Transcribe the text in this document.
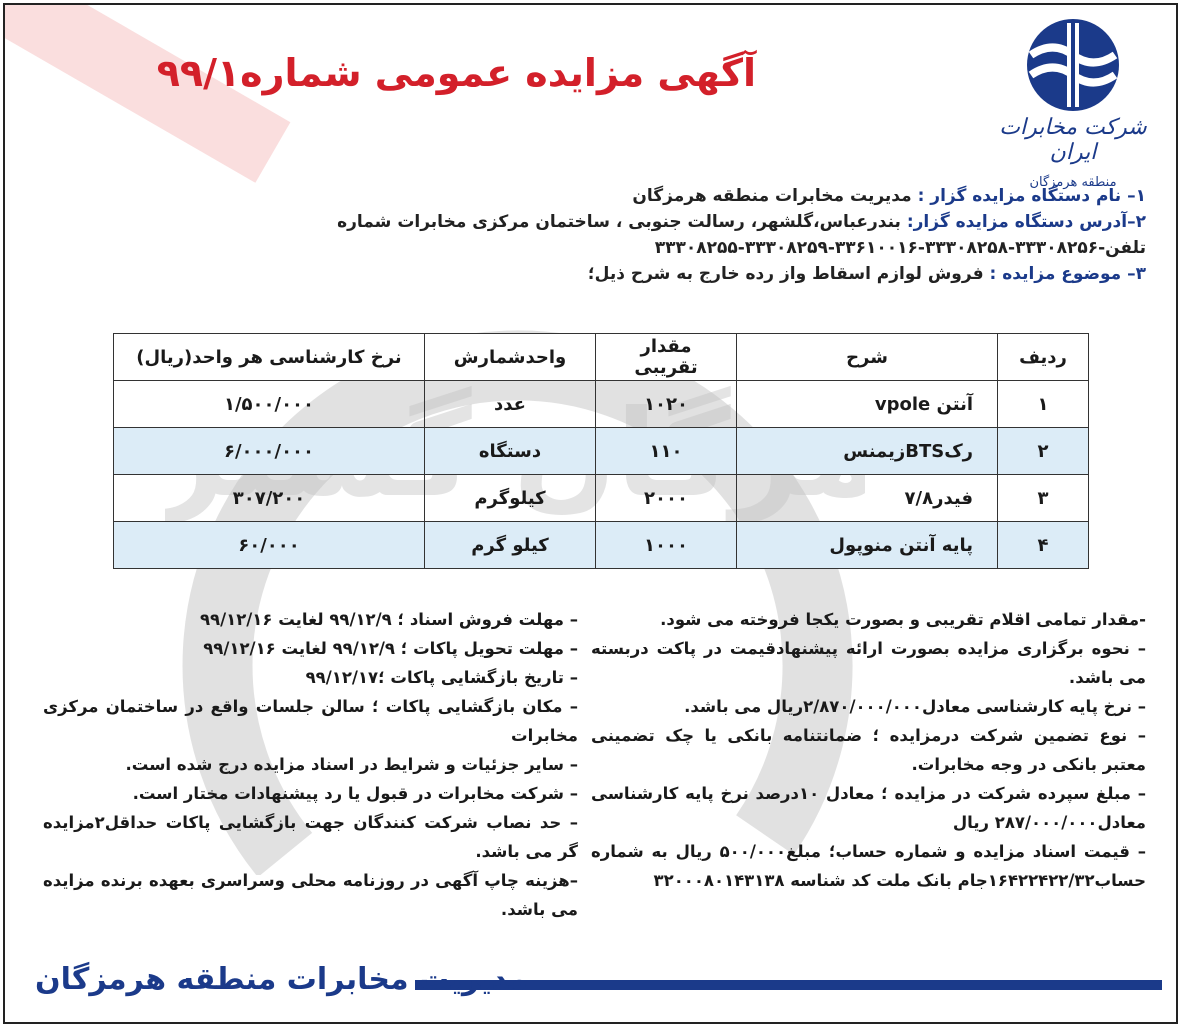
شرکت مخابرات ایران
منطقه هرمزگان
آگهی مزایده عمومی شماره۹۹/۱

۱– نام دستگاه مزایده گزار : مدیریت مخابرات منطقه هرمزگان

۲–آدرس دستگاه مزایده گزار: بندرعباس،گلشهر، رسالت جنوبی ، ساختمان مرکزی مخابرات شماره تلفن-۳۳۳۰۸۲۵۶-۳۳۳۰۸۲۵۸-۳۳۶۱۰۰۱۶-۳۳۳۰۸۲۵۹-۳۳۳۰۸۲۵۵

۳– موضوع مزایده : فروش لوازم اسقاط واز رده خارج به شرح ذیل؛

ردیف	شرح	مقدار تقریبی	واحدشمارش	نرخ کارشناسی هر واحد(ریال)
۱	آنتن vpole	۱۰۲۰	عدد	۱/۵۰۰/۰۰۰
۲	رکBTSزیمنس	۱۱۰	دستگاه	۶/۰۰۰/۰۰۰
۳	فیدر۷/۸	۲۰۰۰	کیلوگرم	۳۰۷/۲۰۰
۴	پایه آنتن منوپول	۱۰۰۰	کیلو گرم	۶۰/۰۰۰

-مقدار تمامی اقلام تقریبی و بصورت یکجا فروخته می شود.

– نحوه برگزاری مزایده بصورت ارائه پیشنهادقیمت در پاکت دربسته می باشد.

– نرخ پایه کارشناسی معادل۲/۸۷۰/۰۰۰/۰۰۰ریال می باشد.

– نوع تضمین شرکت درمزایده ؛ ضمانتنامه بانکی یا چک تضمینی معتبر بانکی در وجه مخابرات.

– مبلغ سپرده شرکت در مزایده ؛ معادل ۱۰درصد نرخ پایه کارشناسی معادل۲۸۷/۰۰۰/۰۰۰ ریال

– قیمت اسناد مزایده و شماره حساب؛ مبلغ۵۰۰/۰۰۰ ریال به شماره حساب۱۶۴۲۲۴۲۲/۳۲جام بانک ملت کد شناسه ۳۲۰۰۰۸۰۱۴۳۱۳۸

– مهلت فروش اسناد ؛ ۹۹/۱۲/۹ لغایت ۹۹/۱۲/۱۶

– مهلت تحویل پاکات ؛ ۹۹/۱۲/۹ لغایت ۹۹/۱۲/۱۶

– تاریخ بازگشایی پاکات ؛۹۹/۱۲/۱۷

– مکان بازگشایی پاکات ؛ سالن جلسات واقع در ساختمان مرکزی مخابرات

– سایر جزئیات و شرایط در اسناد مزایده درج شده است.

– شرکت مخابرات در قبول یا رد پیشنهادات مختار است.

– حد نصاب شرکت کنندگان جهت بازگشایی پاکات حداقل۲مزایده گر می باشد.

–هزینه چاپ آگهی در روزنامه محلی وسراسری بعهده برنده مزایده می باشد.

مدیریت مخابرات منطقه هرمزگان
